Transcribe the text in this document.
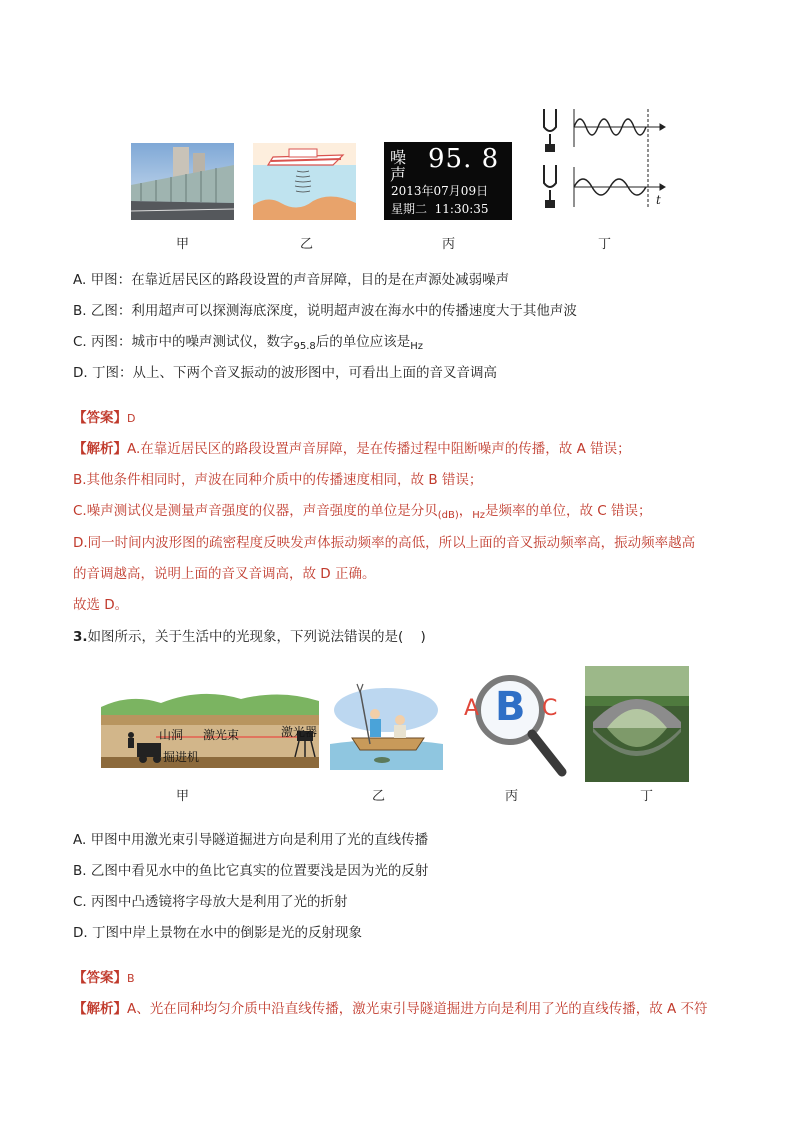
噪
声
95. 8
2013年07月09日
星期二  11:30:35
t
甲	乙	丙	丁
A. 甲图：在靠近居民区的路段设置的声音屏障，目的是在声源处减弱噪声
B. 乙图：利用超声可以探测海底深度，说明超声波在海水中的传播速度大于其他声波
C. 丙图：城市中的噪声测试仪，数字$_{95.8}$后的单位应该是$_{Hz}$
D. 丁图：从上、下两个音叉振动的波形图中，可看出上面的音叉音调高
【答案】D
【解析】A.在靠近居民区的路段设置声音屏障，是在传播过程中阻断噪声的传播，故 A 错误；
B.其他条件相同时，声波在同种介质中的传播速度相同，故 B 错误；
C.噪声测试仪是测量声音强度的仪器，声音强度的单位是分贝$_{(dB)}$，$_{Hz}$是频率的单位，故 C 错误；
D.同一时间内波形图的疏密程度反映发声体振动频率的高低，所以上面的音叉振动频率高，振动频率越高
的音调越高，说明上面的音叉音调高，故 D 正确。
故选 D。
3.如图所示，关于生活中的光现象，下列说法错误的是(    )
山洞 激光束	激光器
掘进机
A B C
甲	乙	丙	丁
A. 甲图中用激光束引导隧道掘进方向是利用了光的直线传播
B. 乙图中看见水中的鱼比它真实的位置要浅是因为光的反射
C. 丙图中凸透镜将字母放大是利用了光的折射
D. 丁图中岸上景物在水中的倒影是光的反射现象
【答案】B
【解析】A、光在同种均匀介质中沿直线传播，激光束引导隧道掘进方向是利用了光的直线传播，故 A 不符
